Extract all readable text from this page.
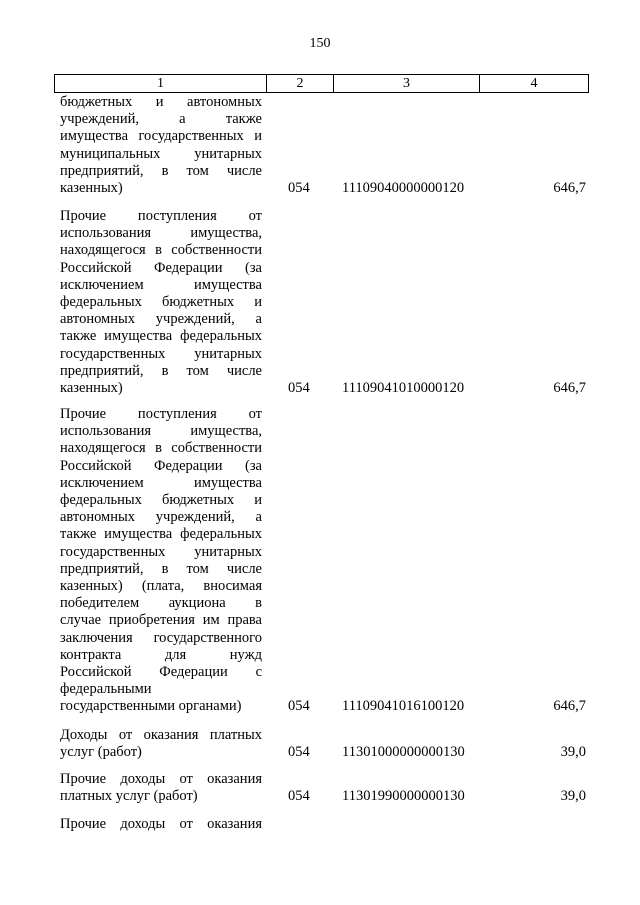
150
1	2	3	4
бюджетных и автономных
учреждений, а также
имущества государственных и
муниципальных унитарных
предприятий, в том числе
казенных)	054 11109040000000120	646,7
Прочие поступления от
использования имущества,
находящегося в собственности
Российской Федерации (за
исключением имущества
федеральных бюджетных и
автономных учреждений, а
также имущества федеральных
государственных унитарных
предприятий, в том числе
казенных)	054 11109041010000120	646,7
Прочие поступления от
использования имущества,
находящегося в собственности
Российской Федерации (за
исключением имущества
федеральных бюджетных и
автономных учреждений, а
также имущества федеральных
государственных унитарных
предприятий, в том числе
казенных) (плата, вносимая
победителем аукциона в
случае приобретения им права
заключения государственного
контракта для нужд
Российской Федерации с
федеральными
государственными органами)	054 11109041016100120	646,7
Доходы от оказания платных
услуг (работ)	054 11301000000000130	39,0
Прочие доходы от оказания
платных услуг (работ)	054 11301990000000130	39,0
Прочие доходы от оказания
